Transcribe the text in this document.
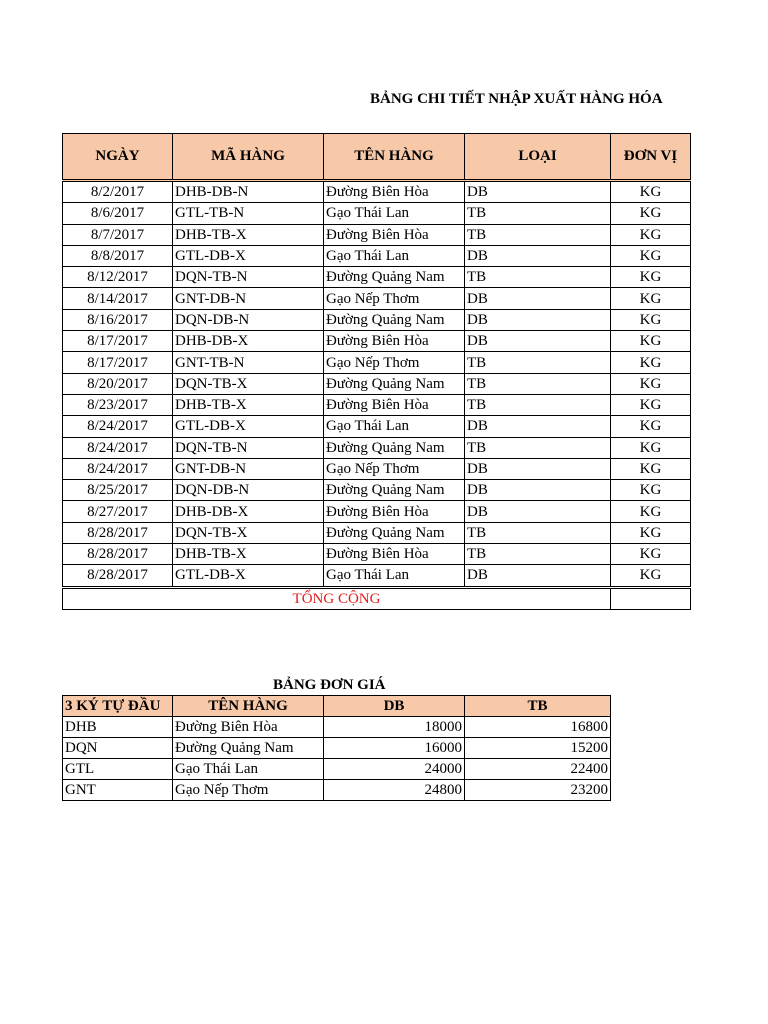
BẢNG CHI TIẾT NHẬP XUẤT HÀNG HÓA
NGÀY	MÃ HÀNG	TÊN HÀNG	LOẠI	ĐƠN VỊ
8/2/2017	DHB-DB-N	Đường Biên Hòa	DB	KG
8/6/2017	GTL-TB-N	Gạo Thái Lan	TB	KG
8/7/2017	DHB-TB-X	Đường Biên Hòa	TB	KG
8/8/2017	GTL-DB-X	Gạo Thái Lan	DB	KG
8/12/2017	DQN-TB-N	Đường Quảng Nam	TB	KG
8/14/2017	GNT-DB-N	Gạo Nếp Thơm	DB	KG
8/16/2017	DQN-DB-N	Đường Quảng Nam	DB	KG
8/17/2017	DHB-DB-X	Đường Biên Hòa	DB	KG
8/17/2017	GNT-TB-N	Gạo Nếp Thơm	TB	KG
8/20/2017	DQN-TB-X	Đường Quảng Nam	TB	KG
8/23/2017	DHB-TB-X	Đường Biên Hòa	TB	KG
8/24/2017	GTL-DB-X	Gạo Thái Lan	DB	KG
8/24/2017	DQN-TB-N	Đường Quảng Nam	TB	KG
8/24/2017	GNT-DB-N	Gạo Nếp Thơm	DB	KG
8/25/2017	DQN-DB-N	Đường Quảng Nam	DB	KG
8/27/2017	DHB-DB-X	Đường Biên Hòa	DB	KG
8/28/2017	DQN-TB-X	Đường Quảng Nam	TB	KG
8/28/2017	DHB-TB-X	Đường Biên Hòa	TB	KG
8/28/2017	GTL-DB-X	Gạo Thái Lan	DB	KG
TỔNG CỘNG				
BẢNG ĐƠN GIÁ
3 KÝ TỰ ĐẦU	TÊN HÀNG	DB	TB
DHB	Đường Biên Hòa	18000	16800
DQN	Đường Quảng Nam	16000	15200
GTL	Gạo Thái Lan	24000	22400
GNT	Gạo Nếp Thơm	24800	23200
